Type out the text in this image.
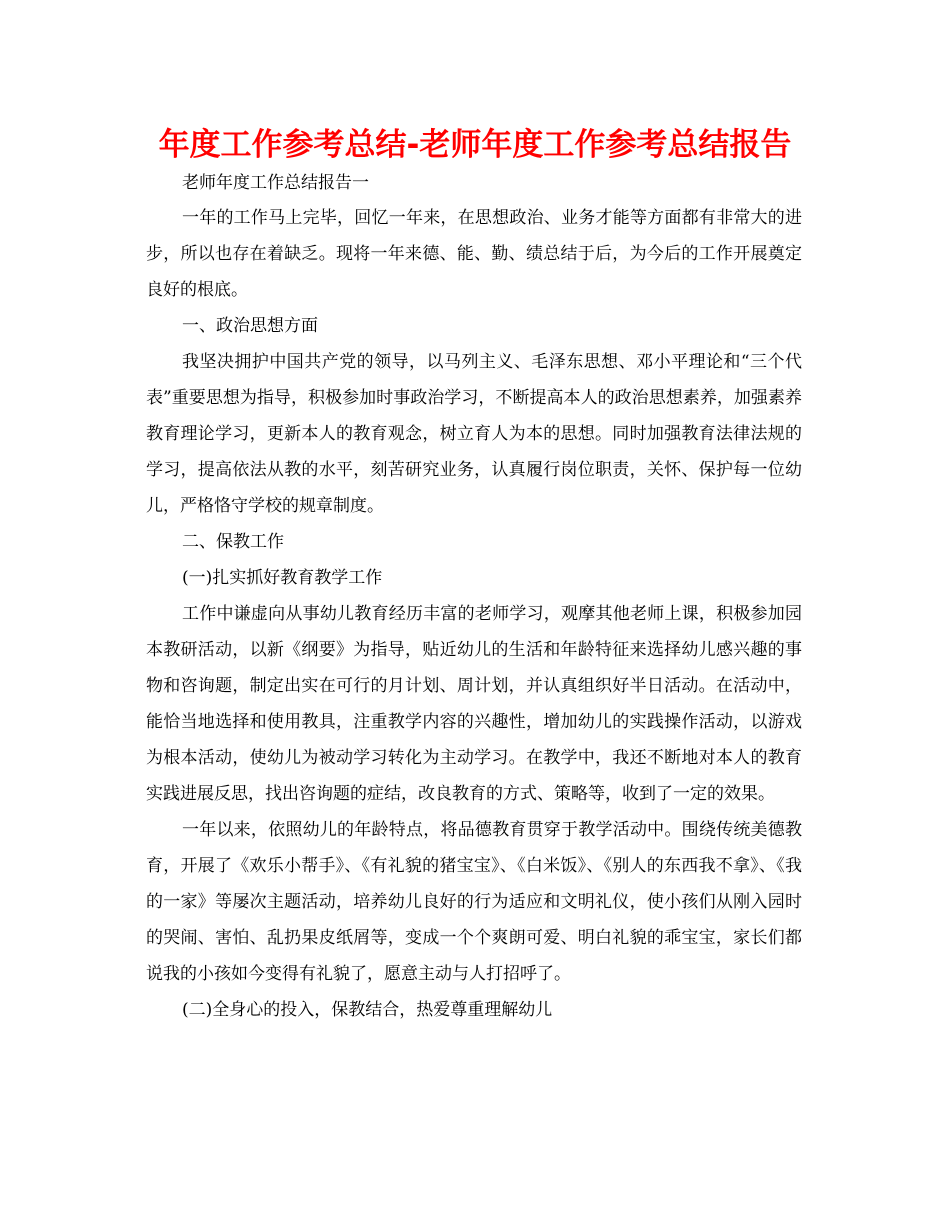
年度工作参考总结-老师年度工作参考总结报告

老师年度工作总结报告一

一年的工作马上完毕，回忆一年来，在思想政治、业务才能等方面都有非常大的进步，所以也存在着缺乏。现将一年来德、能、勤、绩总结于后，为今后的工作开展奠定良好的根底。

一、政治思想方面

我坚决拥护中国共产党的领导，以马列主义、毛泽东思想、邓小平理论和“三个代表”重要思想为指导，积极参加时事政治学习，不断提高本人的政治思想素养，加强素养教育理论学习，更新本人的教育观念，树立育人为本的思想。同时加强教育法律法规的学习，提高依法从教的水平，刻苦研究业务，认真履行岗位职责，关怀、保护每一位幼儿，严格恪守学校的规章制度。

二、保教工作

(一)扎实抓好教育教学工作

工作中谦虚向从事幼儿教育经历丰富的老师学习，观摩其他老师上课，积极参加园本教研活动，以新《纲要》为指导，贴近幼儿的生活和年龄特征来选择幼儿感兴趣的事物和咨询题，制定出实在可行的月计划、周计划，并认真组织好半日活动。在活动中，能恰当地选择和使用教具，注重教学内容的兴趣性，增加幼儿的实践操作活动，以游戏为根本活动，使幼儿为被动学习转化为主动学习。在教学中，我还不断地对本人的教育实践进展反思，找出咨询题的症结，改良教育的方式、策略等，收到了一定的效果。

一年以来，依照幼儿的年龄特点，将品德教育贯穿于教学活动中。围绕传统美德教育，开展了《欢乐小帮手》、《有礼貌的猪宝宝》、《白米饭》、《别人的东西我不拿》、《我的一家》等屡次主题活动，培养幼儿良好的行为适应和文明礼仪，使小孩们从刚入园时的哭闹、害怕、乱扔果皮纸屑等，变成一个个爽朗可爱、明白礼貌的乖宝宝，家长们都说我的小孩如今变得有礼貌了，愿意主动与人打招呼了。

(二)全身心的投入，保教结合，热爱尊重理解幼儿
